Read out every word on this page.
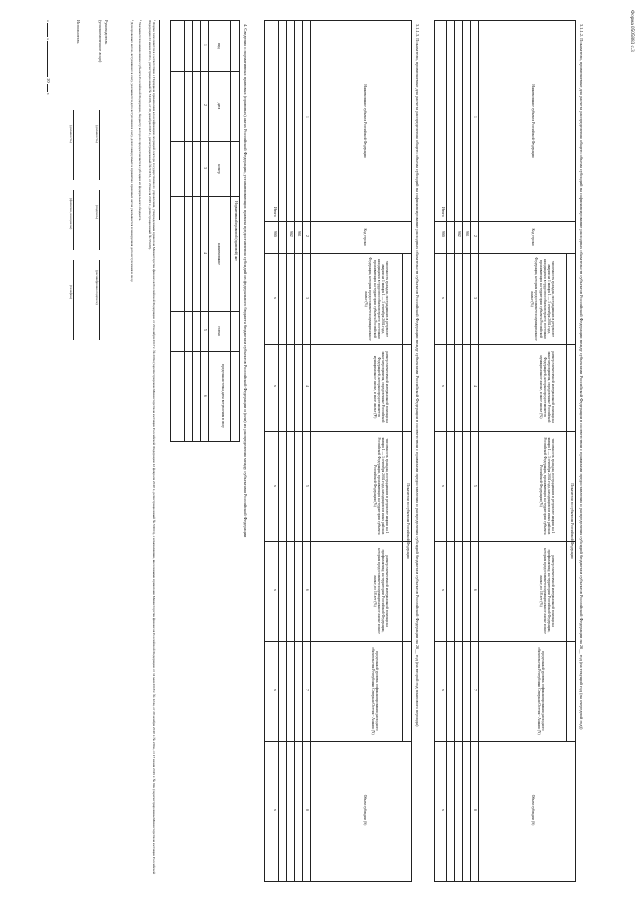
Форма 0505883 с.3
3.1.1.2. Показатели, применяемые для расчета распределения общего объема субсидий на софинансирование расходных обязательств субъектов Российской Федерации между субъектами Российской Федерации в соответствии с правилами предоставления и распределения субсидий бюджетам субъектов Российской Федерации на 20__ год (на текущий год (на очередной год))
Показатели по субъектам Российской Федерации
Наименование субъекта Российской Федерации
Код строки
численность граждан, пострадавших в результате аварии на 1 января 1 — 3 сентября 2004 года, находящихся в трудоспособном возрасте, постоянно проживающих на территории субъекта Российской Федерации, которым предоставляется муниципальное жилье (%)
размер ежемесячной материальной помощи на иные мероприятия, определенные Российской Федерацией, которым предоставляется муниципальное жилье, и иное жилье (%)
численность граждан, пострадавших в результате аварии на 1 января 1 — 3 сентября 2004 года, находящихся в иных районах Российской Федерации, проживающих на территории субъекта Российской Федерации (%)
размер ежемесячной материальной помощи на профилактику, на территории Российской Федерации, которым предоставляется муниципальное жилье и иное жилье, по 18 лет (%)
предельный уровень софинансирования расходного обязательства Республики Северная Осетия - Алания (Y)
Объем субсидии (S)
1
2
3
4
5
6
7
8
901
902
Итого
900
x
x
x
x
x
x
3.1.1.3. Показатели, применяемые для расчета распределения общего объема субсидий на софинансирование расходных обязательств субъектов Российской Федерации между субъектами Российской Федерации в соответствии с правилами предоставления и распределения субсидий бюджетам субъектов Российской Федерации на 20__ год (на второй год планового периода)
Показатели по субъектам Российской Федерации
Наименование субъекта Российской Федерации
Код строки
численность граждан, пострадавших в результате аварии на 1 января 1 — 3 сентября 2004 года, находящихся в трудоспособном возрасте, постоянно проживающих на территории субъекта Российской Федерации, которым предоставляется муниципальное жилье (%)
размер ежемесячной материальной помощи на иные мероприятия, определенные Российской Федерацией, которым предоставляется муниципальное жилье, и иное жилье (Ψ)
численность граждан, пострадавших в результате аварии на 1 января 1 — 3 сентября 2004 года, находящихся в иных районах Российской Федерации, проживающих на территории субъекта Российской Федерации (%)
размер ежемесячной материальной помощи на профилактику, на территории Российской Федерации, которым предоставляется муниципальное жилье и иное жилье, по 18 лет (%)
предельный уровень софинансирования расходного обязательства Республики Северная Осетия - Алания (Y)
Объем субсидии (S)
1
2
3
4
5
6
7
8
901
902
Итого
900
x
x
x
x
x
x
4. Сведения о нормативных правовых (правовых) актах Российской Федерации, устанавливающих правила предоставления субсидий из федерального бюджета бюджетам субъектов Российской Федерации и (или) их распределения между субъектами Российской Федерации
Нормативный правовой (правовой) акт
вид
дата
номер
наименование
статья
предельная точка даты вступления в силу
1
2
3
4
5
6
¹ Форма заполняется в соответствии с Порядком применения классификации операций сектора государственного управления, утвержденным приказом Министерства финансов Российской Федерации от 29 ноября 2017 г. № 209н (зарегистрирован Министерством юстиции Российской Федерации 12 февраля 2018 г., регистрационный № 50003), с изменениями, внесенными приказами Министерства финансов Российской Федерации от 31 мая 2018 г. № 124н, от 28 ноября 2018 г. № 236н, от 17 июня 2019 г. № 92н (зарегистрированы Министерством юстиции Российской Федерации 21 июня 2018 г., регистрационный № 51396, от 26 декабря 2018 г., регистрационный № 53153, от 29 июля 2019 г., регистрационный № 55438).
² Указывается наименование субъекта Российской Федерации, бюджету которого предоставляется субсидия из федерального бюджета.
³ Для правовых актов, вступивших в силу, указывается дата вступления в силу, для планируемых к принятию правовых актов указывается планируемая дата вступления в силу.
Руководитель
(уполномоченное лицо)
(должность)
(подпись)
(расшифровка подписи)
Исполнитель
(должность)
(фамилия, инициалы)
(телефон)
«  »  20  г.
